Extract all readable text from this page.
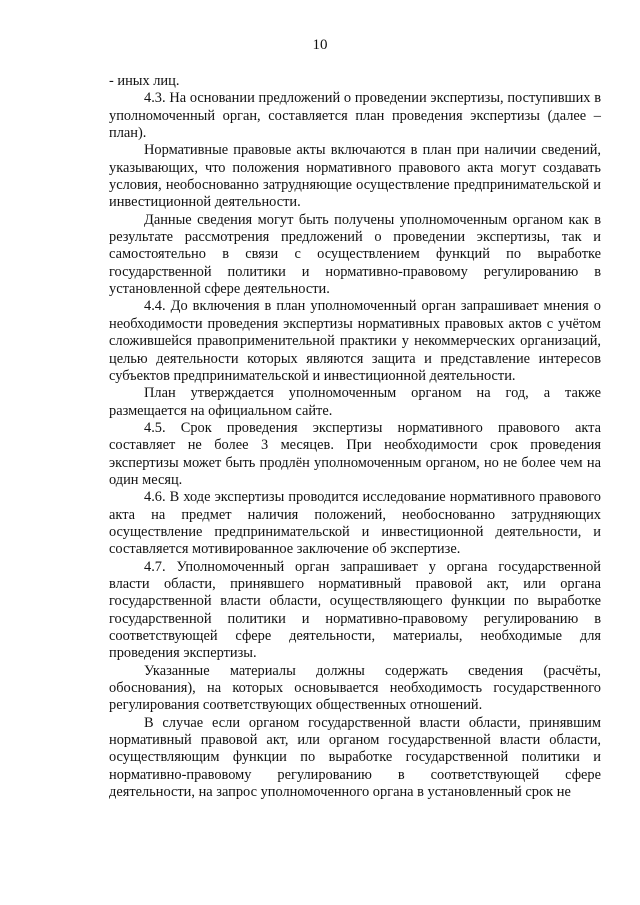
10

- иных лиц.

4.3. На основании предложений о проведении экспертизы, поступивших в уполномоченный орган, составляется план проведения экспертизы (далее – план).

Нормативные правовые акты включаются в план при наличии сведений, указывающих, что положения нормативного правового акта могут создавать условия, необоснованно затрудняющие осуществление предпринимательской и инвестиционной деятельности.

Данные сведения могут быть получены уполномоченным органом как в результате рассмотрения предложений о проведении экспертизы, так и самостоятельно в связи с осуществлением функций по выработке государственной политики и нормативно-правовому регулированию в установленной сфере деятельности.

4.4. До включения в план уполномоченный орган запрашивает мнения о необходимости проведения экспертизы нормативных правовых актов с учётом сложившейся правоприменительной практики у некоммерческих организаций, целью деятельности которых являются защита и представление интересов субъектов предпринимательской и инвестиционной деятельности.

План утверждается уполномоченным органом на год, а также размещается на официальном сайте.

4.5. Срок проведения экспертизы нормативного правового акта составляет не более 3 месяцев. При необходимости срок проведения экспертизы может быть продлён уполномоченным органом, но не более чем на один месяц.

4.6. В ходе экспертизы проводится исследование нормативного правового акта на предмет наличия положений, необоснованно затрудняющих осуществление предпринимательской и инвестиционной деятельности, и составляется мотивированное заключение об экспертизе.

4.7. Уполномоченный орган запрашивает у органа государственной власти области, принявшего нормативный правовой акт, или органа государственной власти области, осуществляющего функции по выработке государственной политики и нормативно-правовому регулированию в соответствующей сфере деятельности, материалы, необходимые для проведения экспертизы.

Указанные материалы должны содержать сведения (расчёты, обоснования), на которых основывается необходимость государственного регулирования соответствующих общественных отношений.

В случае если органом государственной власти области, принявшим нормативный правовой акт, или органом государственной власти области, осуществляющим функции по выработке государственной политики и нормативно-правовому регулированию в соответствующей сфере деятельности, на запрос уполномоченного органа в установленный срок не
